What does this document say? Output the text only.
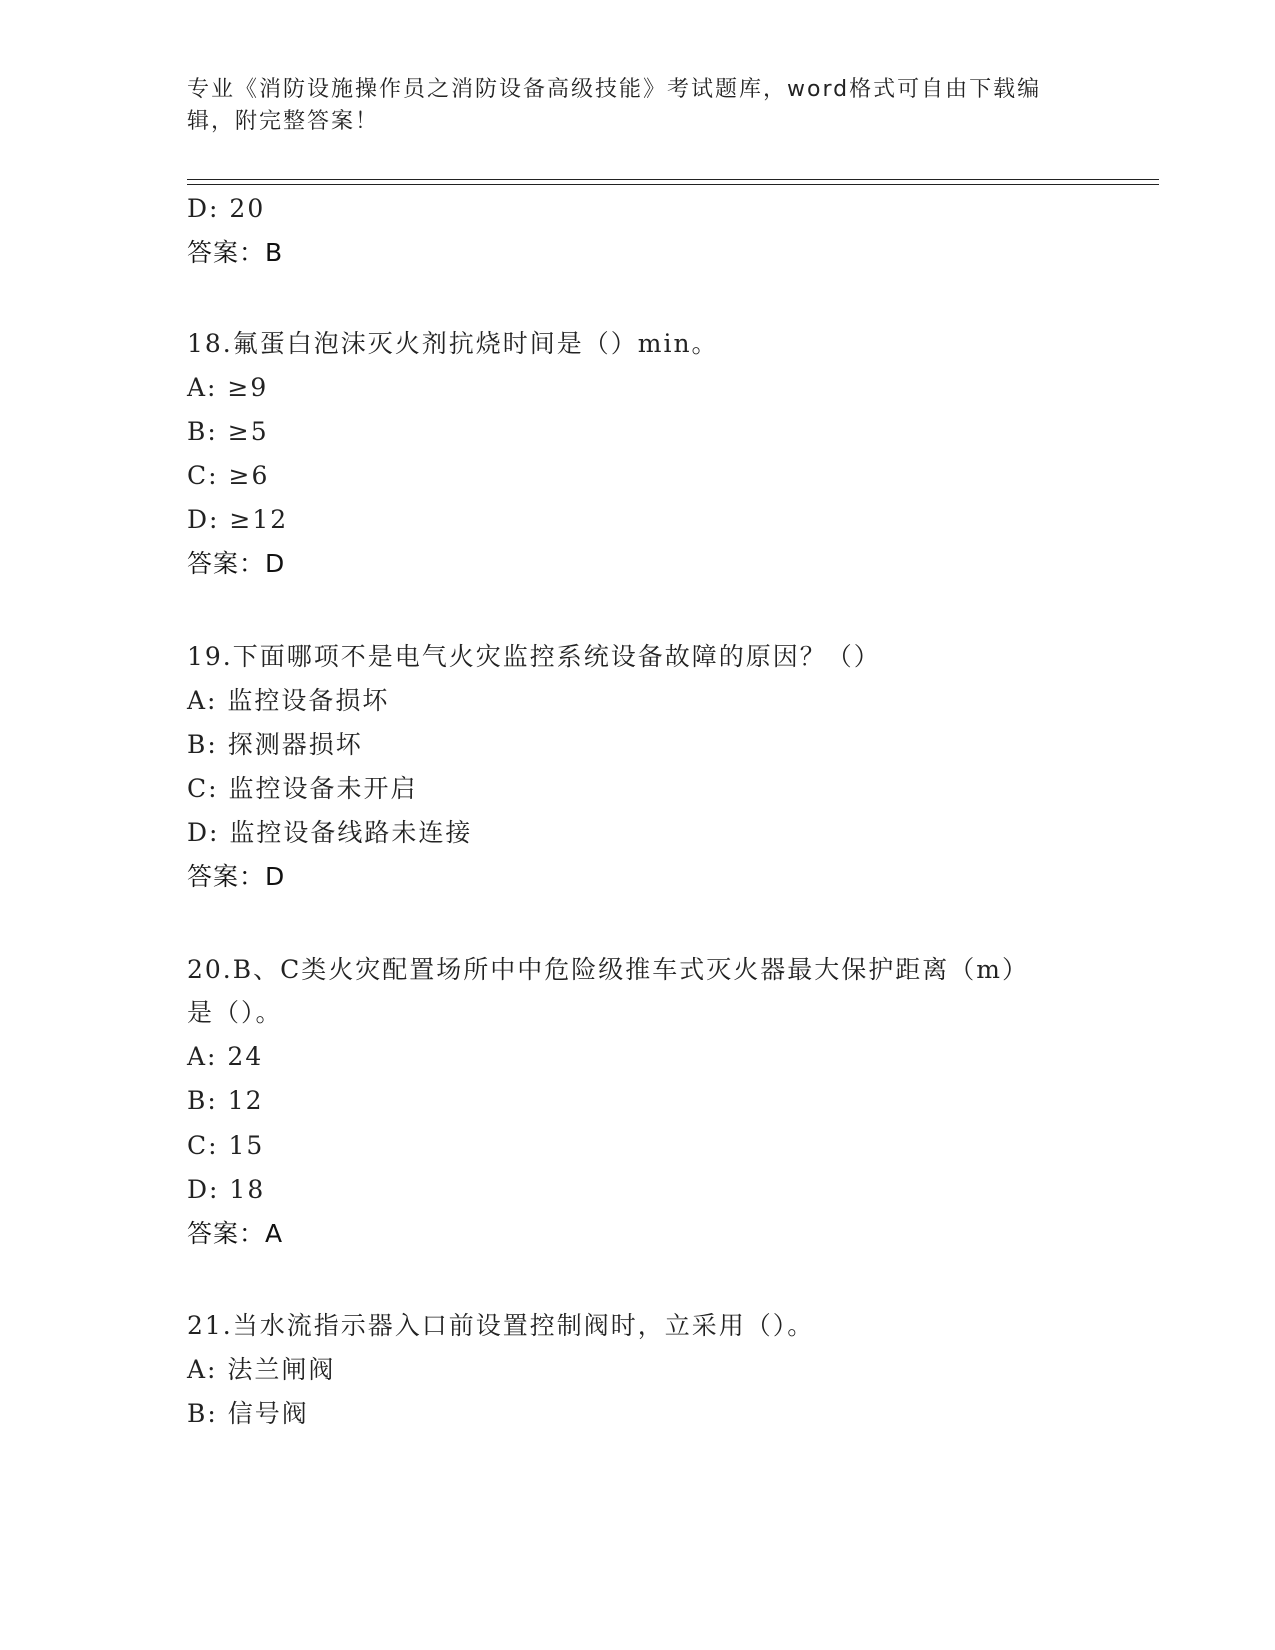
专业《消防设施操作员之消防设备高级技能》考试题库，word格式可自由下载编
辑，附完整答案！
D: 20
答案：B
18.氟蛋白泡沫灭火剂抗烧时间是（）min。
A: ≥9
B: ≥5
C: ≥6
D: ≥12
答案：D
19.下面哪项不是电气火灾监控系统设备故障的原因？（）
A: 监控设备损坏
B: 探测器损坏
C: 监控设备未开启
D: 监控设备线路未连接
答案：D
20.B、C类火灾配置场所中中危险级推车式灭火器最大保护距离（m）
是（）。
A: 24
B: 12
C: 15
D: 18
答案：A
21.当水流指示器入口前设置控制阀时，立采用（）。
A: 法兰闸阀
B: 信号阀
